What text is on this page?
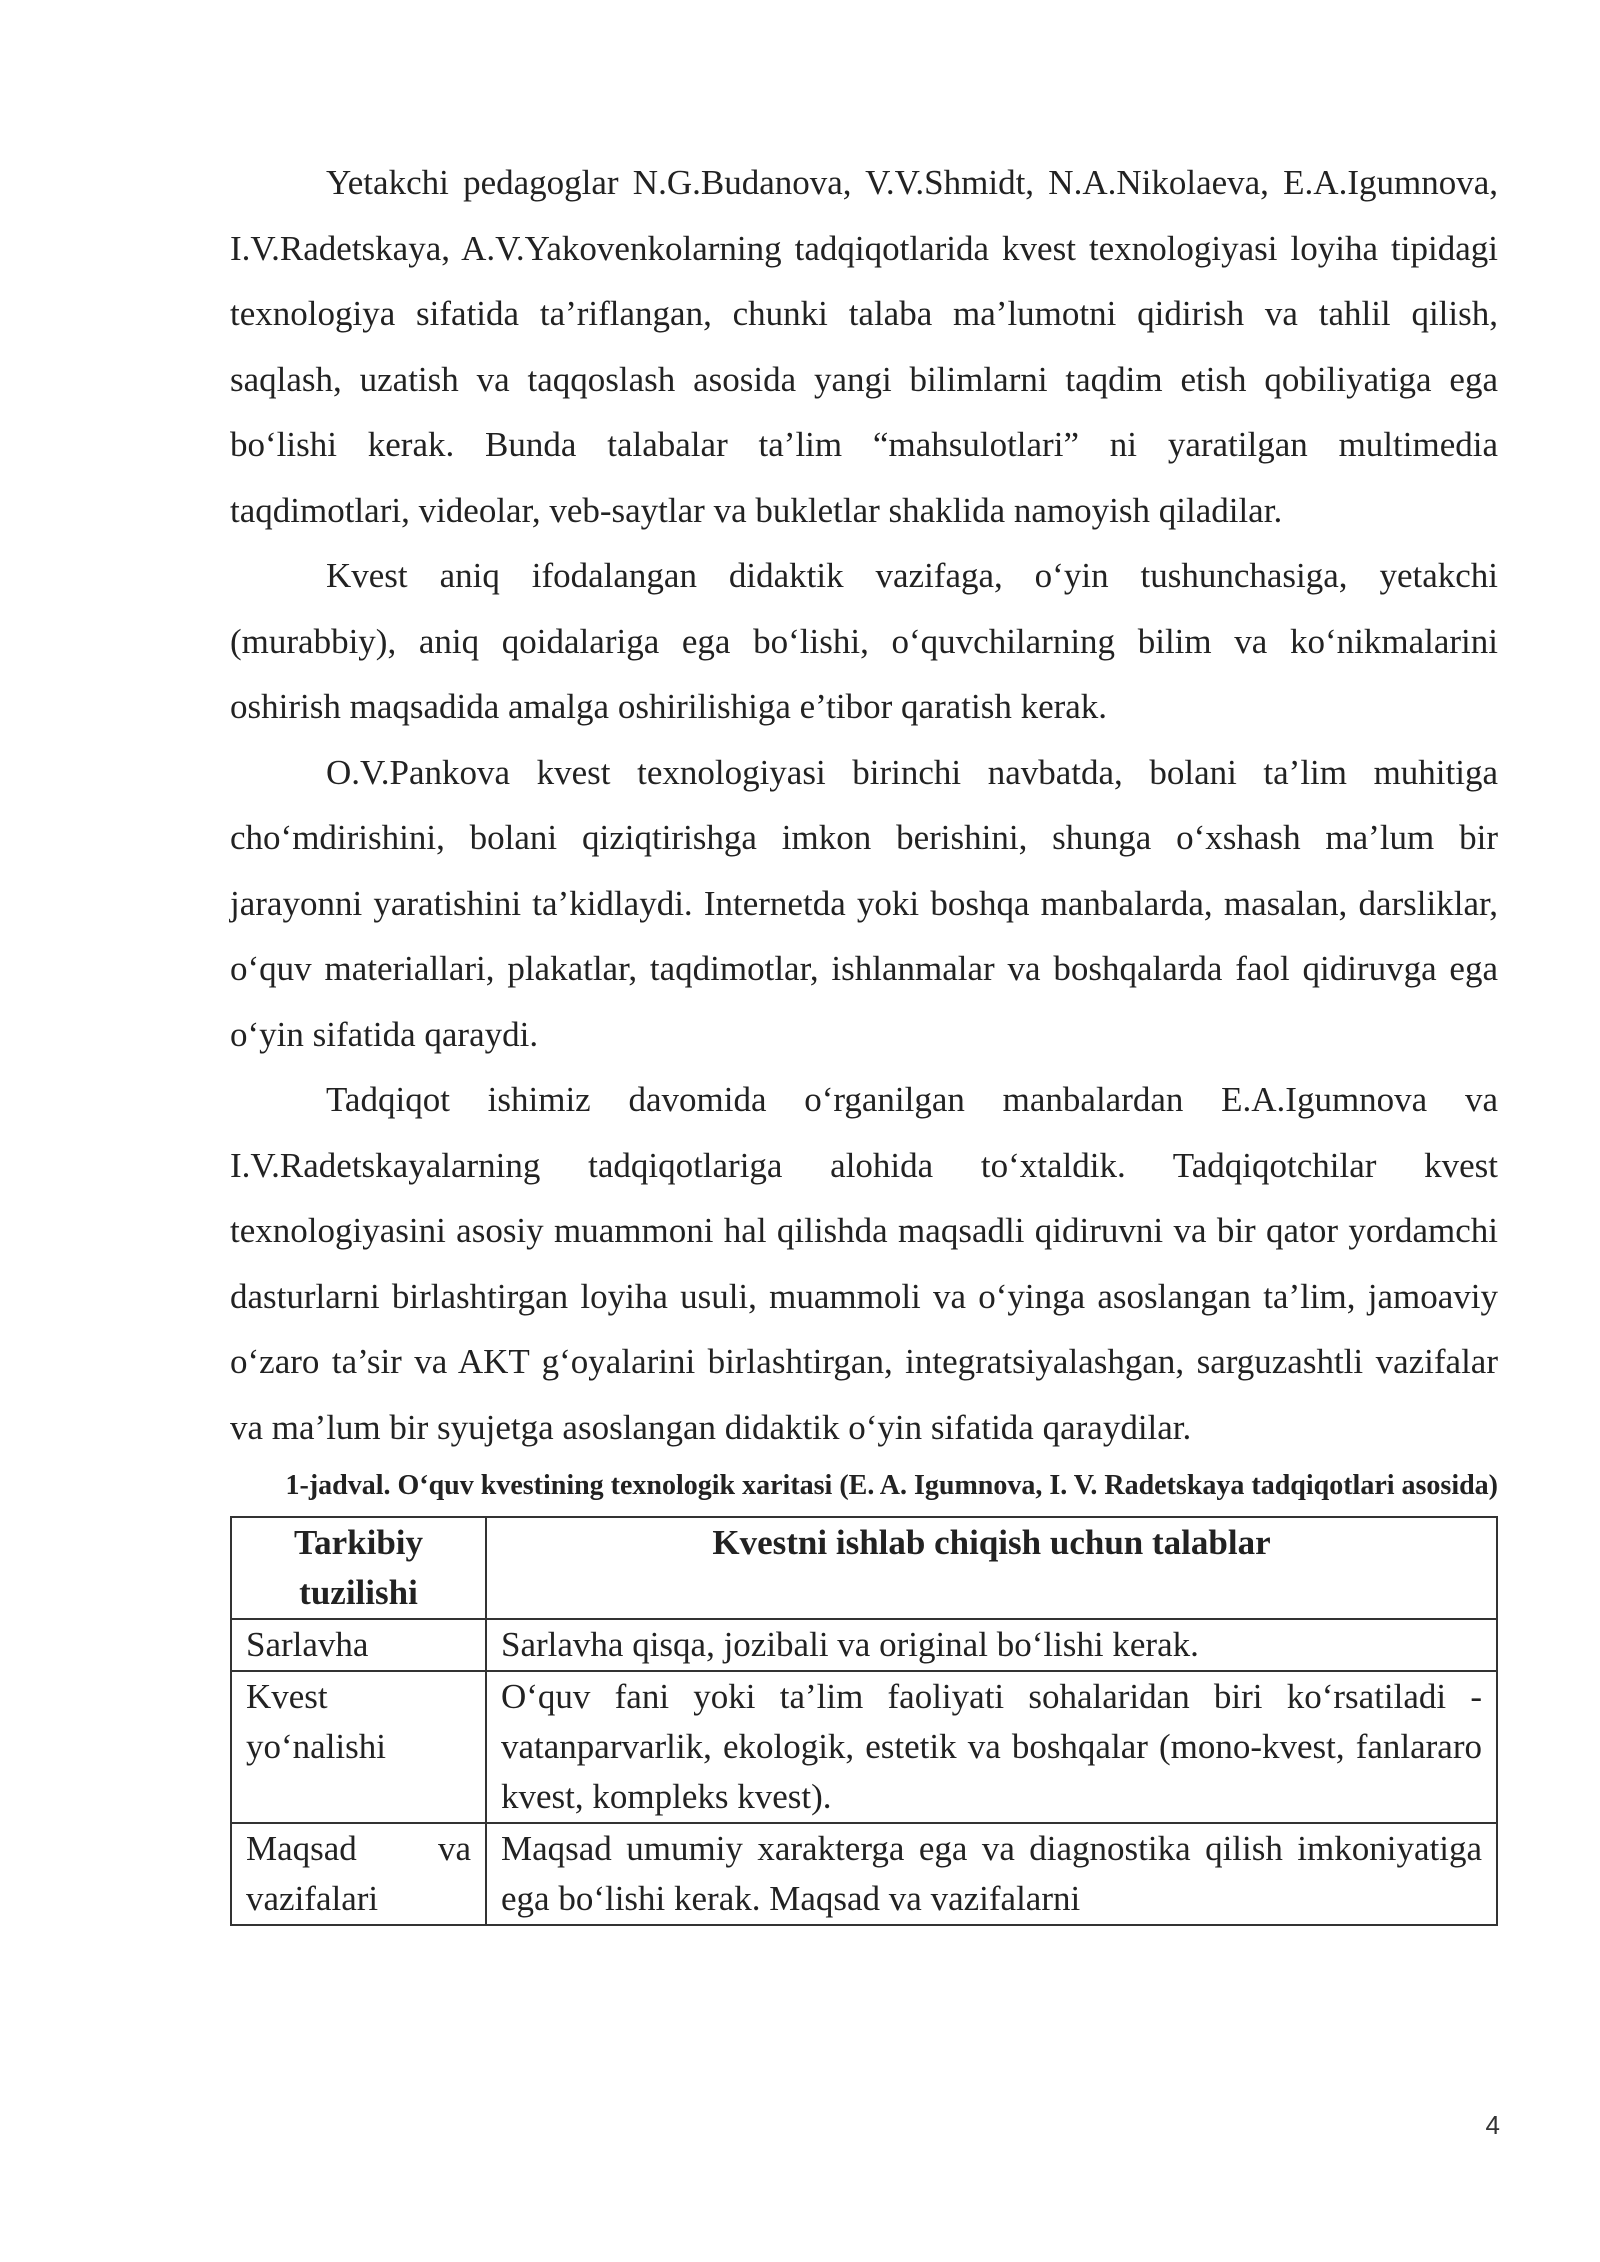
Yetakchi pedagoglar N.G.Budanova, V.V.Shmidt, N.A.Nikolaeva, E.A.Igumnova, I.V.Radetskaya, A.V.Yakovenkolarning tadqiqotlarida kvest texnologiyasi loyiha tipidagi texnologiya sifatida ta’riflangan, chunki talaba ma’lumotni qidirish va tahlil qilish, saqlash, uzatish va taqqoslash asosida yangi bilimlarni taqdim etish qobiliyatiga ega bo‘lishi kerak. Bunda talabalar ta’lim “mahsulotlari” ni yaratilgan multimedia taqdimotlari, videolar, veb-saytlar va bukletlar shaklida namoyish qiladilar.

Kvest aniq ifodalangan didaktik vazifaga, o‘yin tushunchasiga, yetakchi (murabbiy), aniq qoidalariga ega bo‘lishi, o‘quvchilarning bilim va ko‘nikmalarini oshirish maqsadida amalga oshirilishiga e’tibor qaratish kerak.

O.V.Pankova kvest texnologiyasi birinchi navbatda, bolani ta’lim muhitiga cho‘mdirishini, bolani qiziqtirishga imkon berishini, shunga o‘xshash ma’lum bir jarayonni yaratishini ta’kidlaydi. Internetda yoki boshqa manbalarda, masalan, darsliklar, o‘quv materiallari, plakatlar, taqdimotlar, ishlanmalar va boshqalarda faol qidiruvga ega o‘yin sifatida qaraydi.

Tadqiqot ishimiz davomida o‘rganilgan manbalardan E.A.Igumnova va I.V.Radetskayalarning tadqiqotlariga alohida to‘xtaldik. Tadqiqotchilar kvest texnologiyasini asosiy muammoni hal qilishda maqsadli qidiruvni va bir qator yordamchi dasturlarni birlashtirgan loyiha usuli, muammoli va o‘yinga asoslangan ta’lim, jamoaviy o‘zaro ta’sir va AKT g‘oyalarini birlashtirgan, integratsiyalashgan, sarguzashtli vazifalar va ma’lum bir syujetga asoslangan didaktik o‘yin sifatida qaraydilar.

1-jadval. O‘quv kvestining texnologik xaritasi (E. A. Igumnova, I. V. Radetskaya tadqiqotlari asosida)
Tarkibiy tuzilishi	Kvestni ishlab chiqish uchun talablar
Sarlavha	Sarlavha qisqa, jozibali va original bo‘lishi kerak.
Kvest yo‘nalishi	O‘quv fani yoki ta’lim faoliyati sohalaridan biri ko‘rsatiladi - vatanparvarlik, ekologik, estetik va boshqalar (mono-kvest, fanlararo kvest, kompleks kvest).
Maqsad va vazifalari	Maqsad umumiy xarakterga ega va diagnostika qilish imkoniyatiga ega bo‘lishi kerak. Maqsad va vazifalarni
4
